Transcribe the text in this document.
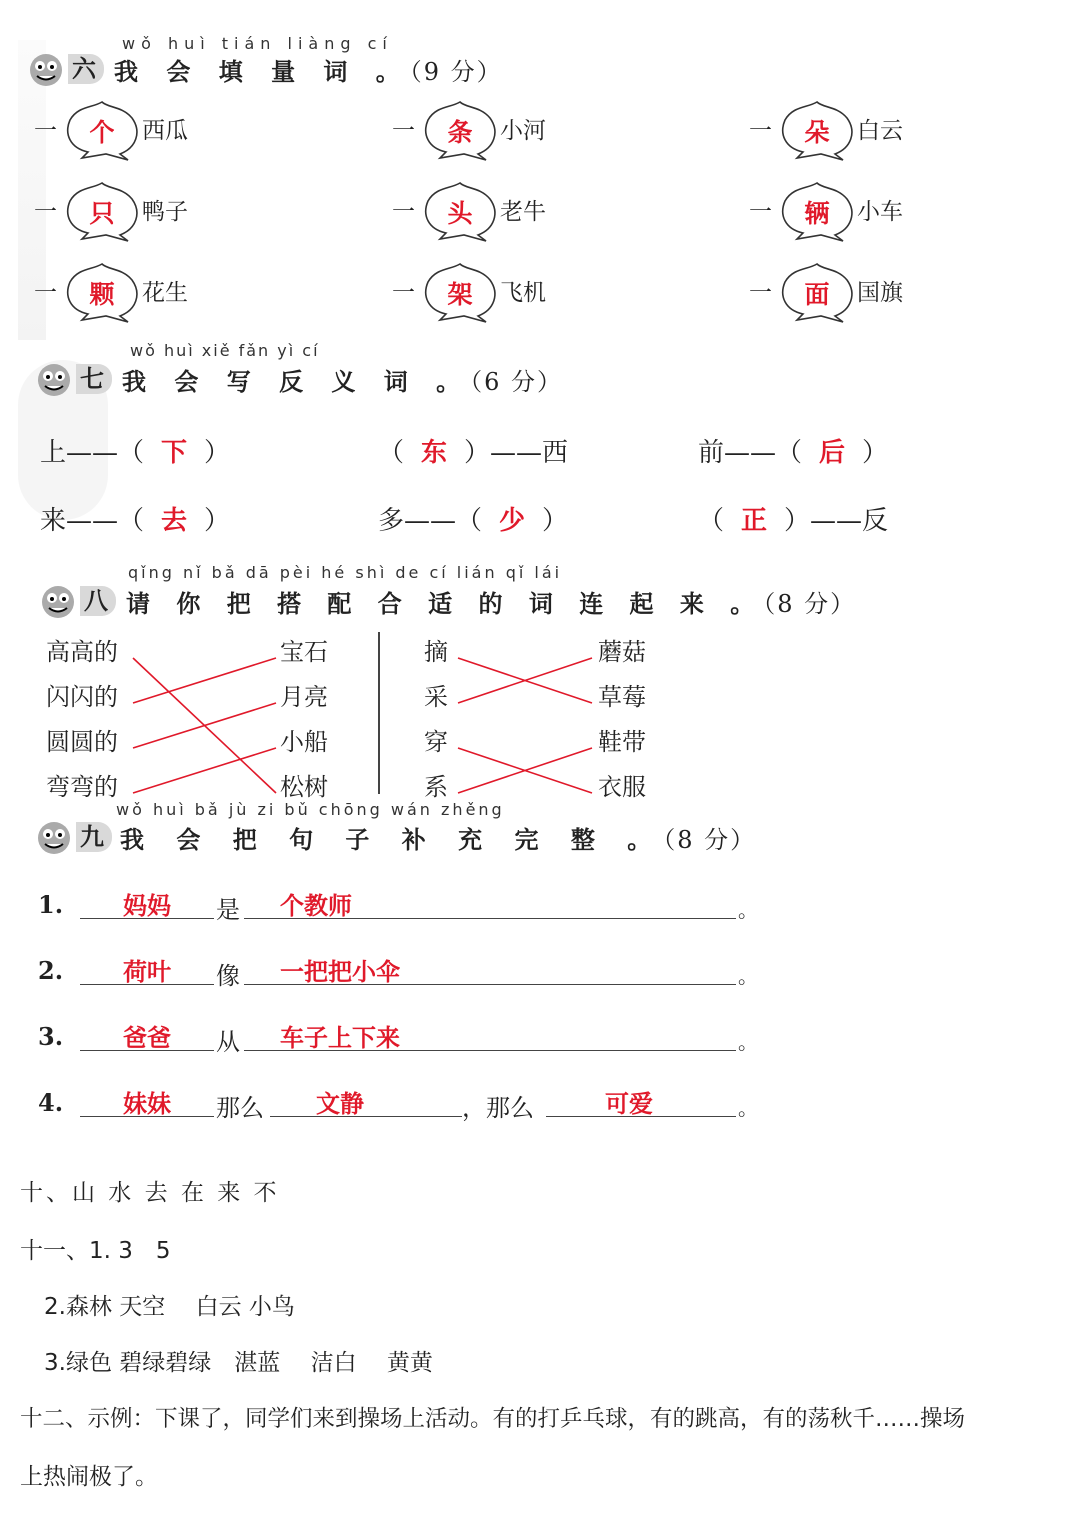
wǒ huì tián liàng cí
六 我 会 填 量 词 。（9 分）
一 个 西瓜	一 条 小河	一 朵 白云
一 只 鸭子	一 头 老牛	一 辆 小车
一 颗 花生	一 架 飞机	一 面 国旗
wǒ huì xiě fǎn yì cí
七 我 会 写 反 义 词 。（6 分）
上——（ 下 ）	（ 东 ）——西	前——（ 后 ）
来——（ 去 ）	多——（ 少 ）	（ 正 ）——反
qǐng nǐ bǎ dā pèi hé shì de cí lián qǐ lái
八 请 你 把 搭 配 合 适 的 词 连 起 来 。（8 分）
高高的
闪闪的
圆圆的
弯弯的
宝石
月亮
小船
松树
摘
采
穿
系
蘑菇
草莓
鞋带
衣服
wǒ huì bǎ jù zi bǔ chōng wán zhěng
九 我 会 把 句 子 补 充 完 整 。（8 分）
1.	妈妈	是 个教师	。
2.	荷叶	像 一把把小伞	。
3.	爸爸	从 车子上下来	。
4.	妹妹	那么	文静	，那么	可爱	。
十、山 水 去 在 来 不
十一、1. 3　5
2.森林 天空　 白云 小鸟
3.绿色 碧绿碧绿　湛蓝　 洁白　 黄黄
十二、示例：下课了，同学们来到操场上活动。有的打乒乓球，有的跳高，有的荡秋千……操场
上热闹极了。
